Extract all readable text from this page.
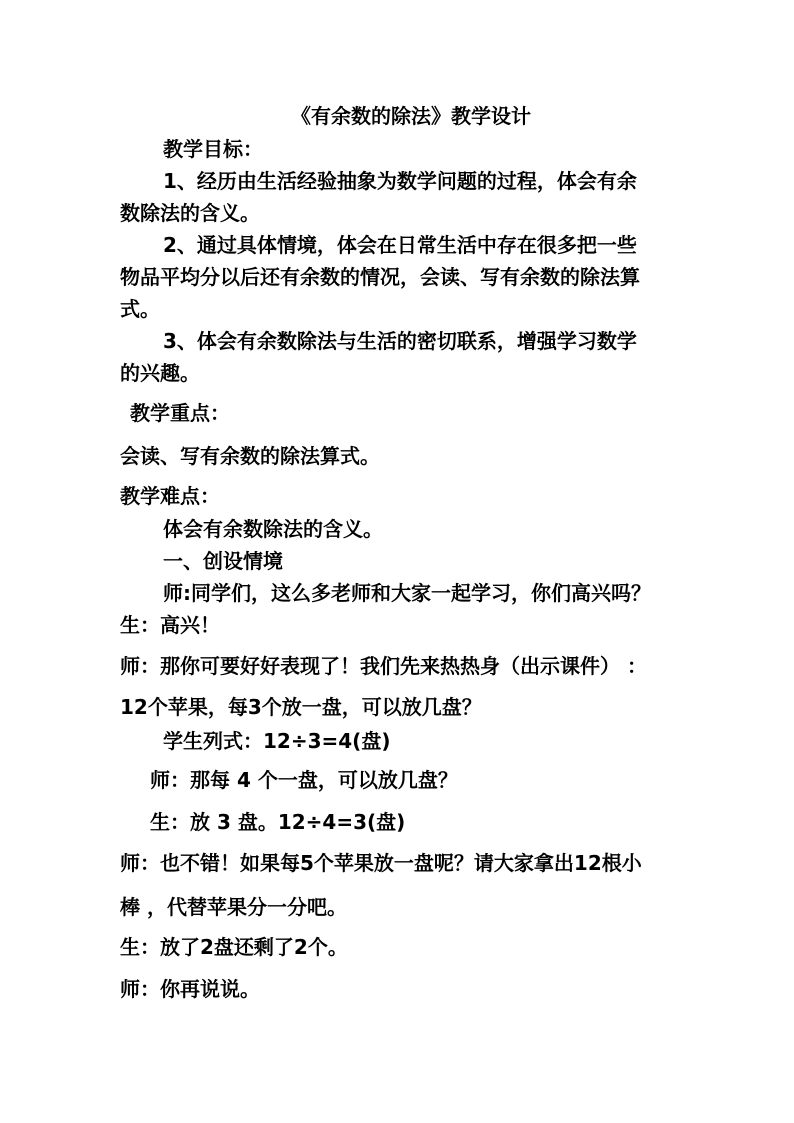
《有余数的除法》教学设计
教学目标：
1、经历由生活经验抽象为数学问题的过程，体会有余
数除法的含义。
2、通过具体情境，体会在日常生活中存在很多把一些
物品平均分以后还有余数的情况，会读、写有余数的除法算
式。
3、体会有余数除法与生活的密切联系，增强学习数学
的兴趣。
教学重点：
会读、写有余数的除法算式。
教学难点：
体会有余数除法的含义。
一、创设情境
师:同学们，这么多老师和大家一起学习，你们高兴吗？
生：高兴！
师：那你可要好好表现了！我们先来热热身（出示课件） ：
12个苹果，每3个放一盘，可以放几盘？
学生列式：12÷3=4(盘)
师：那每 4 个一盘，可以放几盘？
生：放 3 盘。12÷4=3(盘)
师：也不错！如果每5个苹果放一盘呢？请大家拿出12根小
棒 ，代替苹果分一分吧。
生：放了2盘还剩了2个。
师：你再说说。
